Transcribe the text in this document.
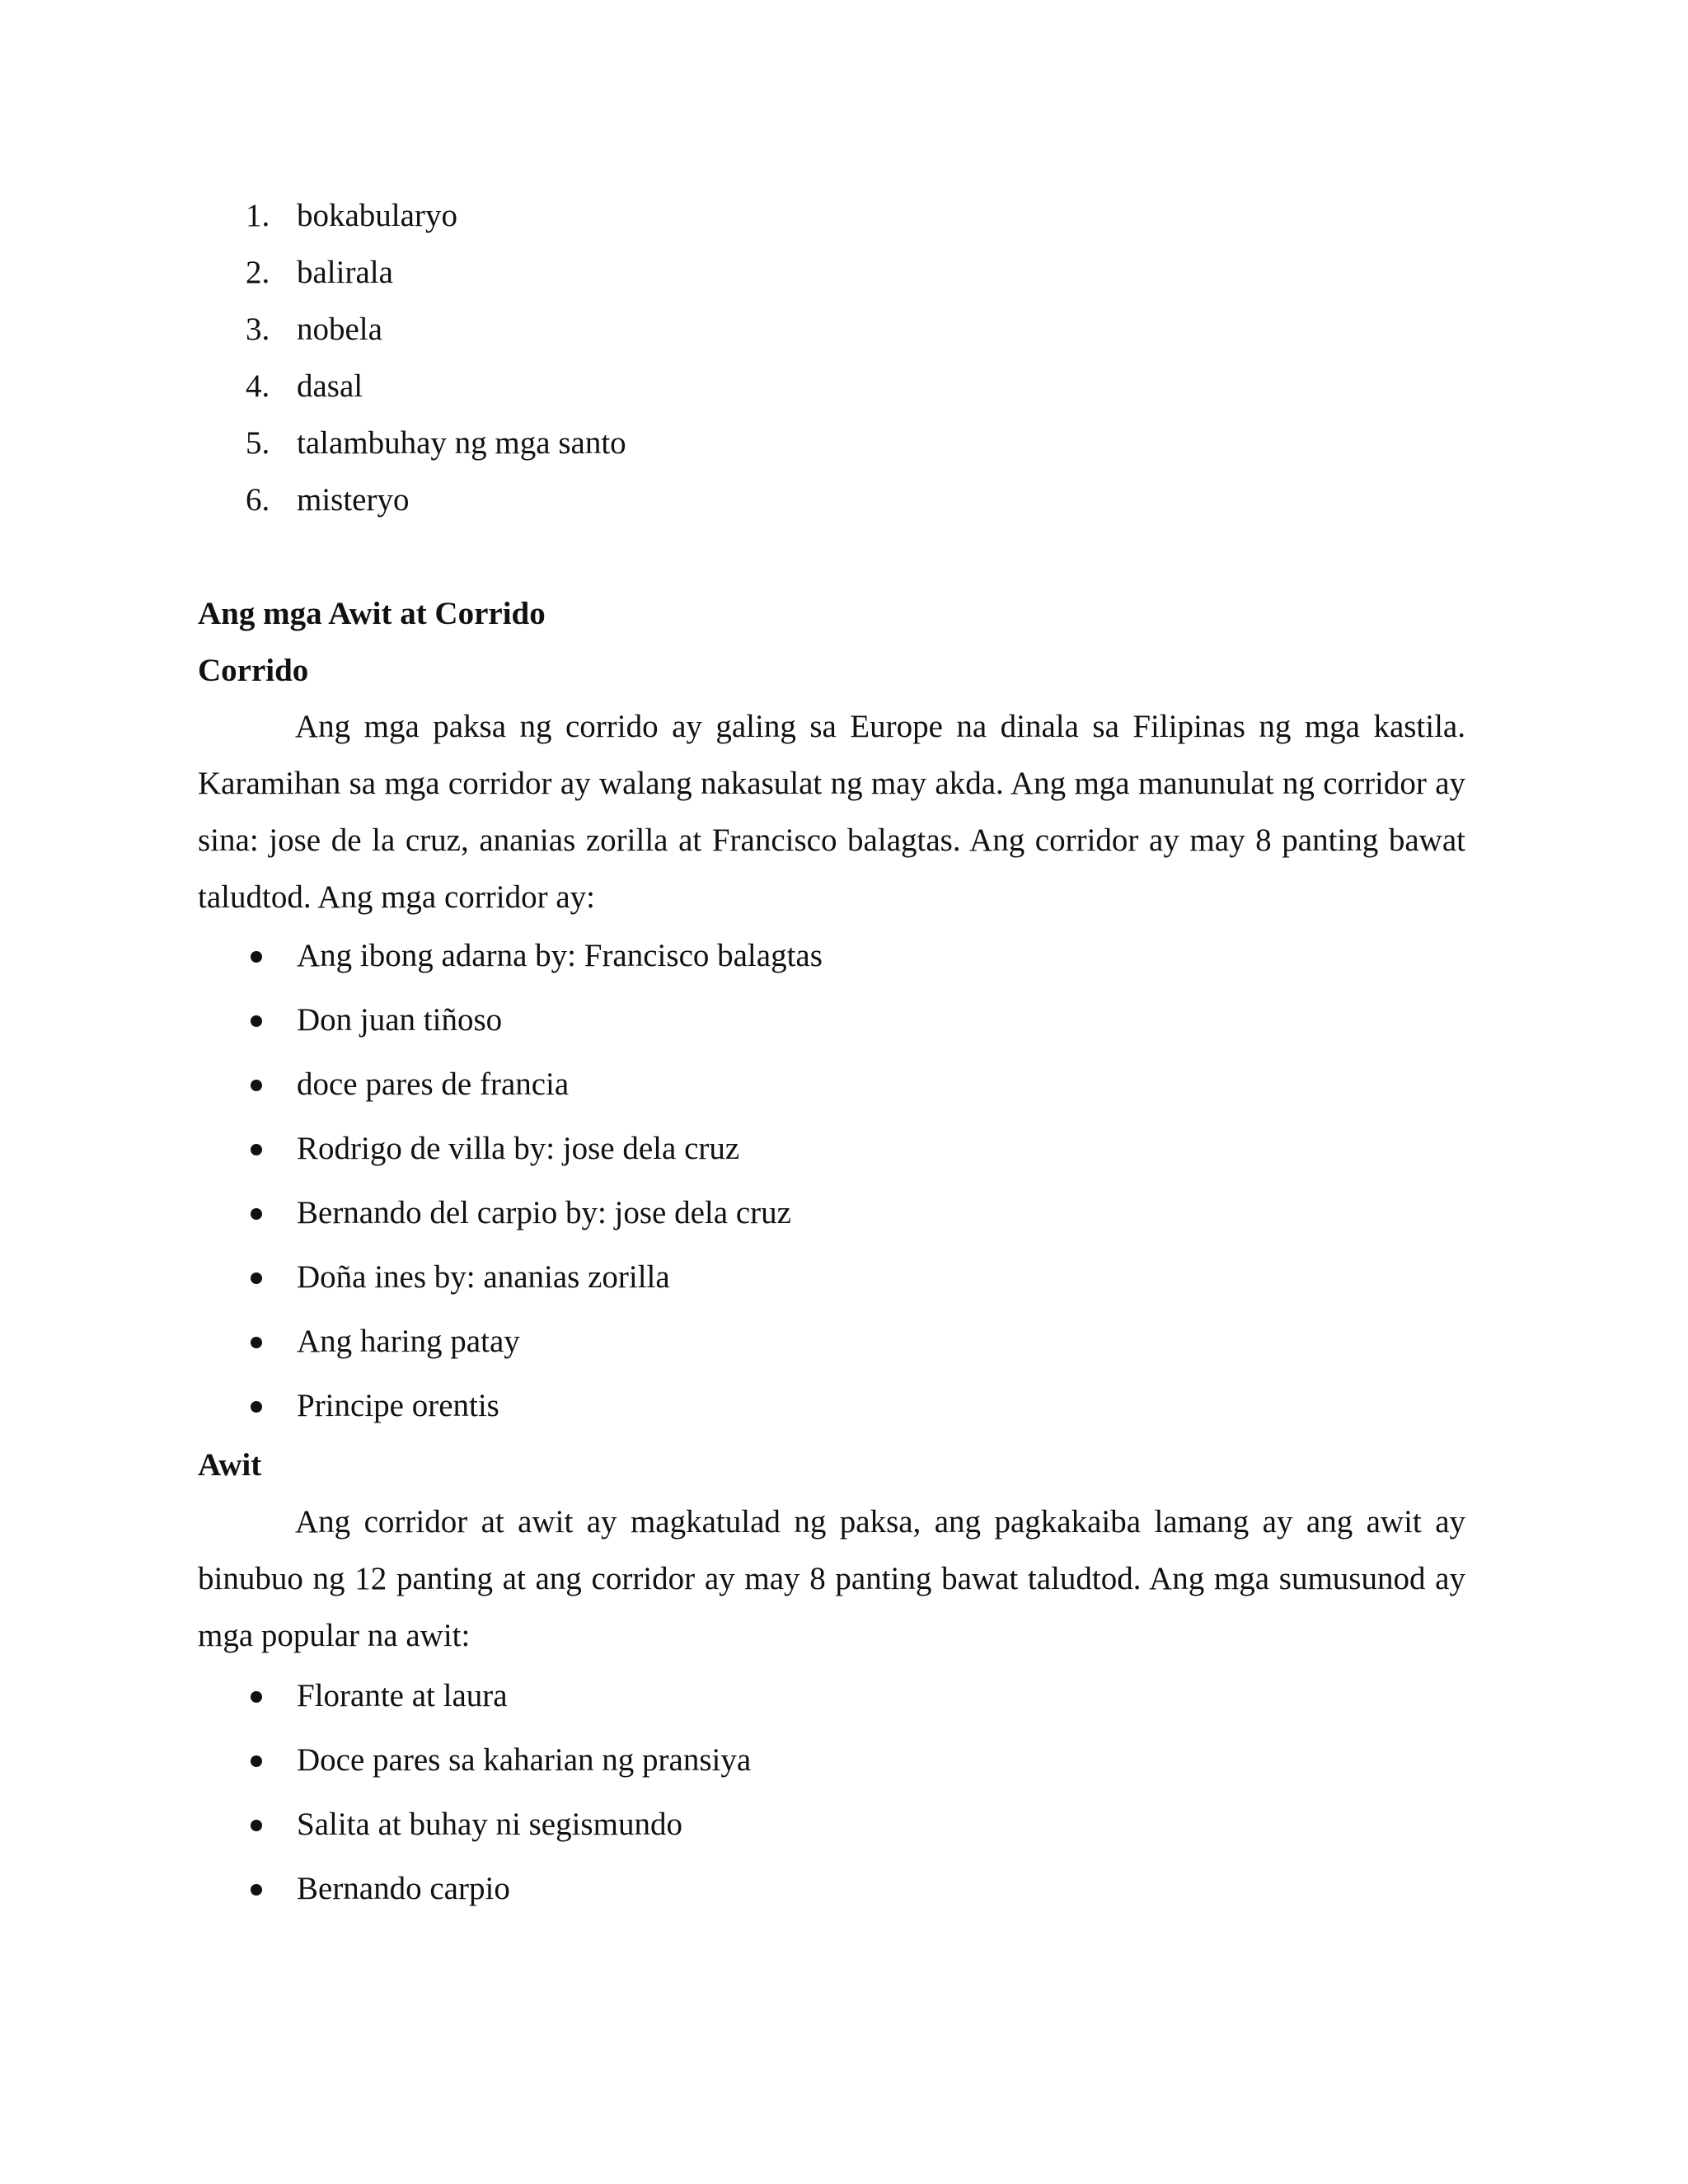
1. bokabularyo
2. balirala
3. nobela
4. dasal
5. talambuhay ng mga santo
6. misteryo
Ang mga Awit at Corrido
Corrido

Ang mga paksa ng corrido ay galing sa Europe na dinala sa Filipinas ng mga kastila. Karamihan sa mga corridor ay walang nakasulat ng may akda. Ang mga manunulat ng corridor ay sina: jose de la cruz, ananias zorilla at Francisco balagtas. Ang corridor ay may 8 panting bawat taludtod. Ang mga corridor ay:

Ang ibong adarna by: Francisco balagtas
Don juan tiñoso
doce pares de francia
Rodrigo de villa by: jose dela cruz
Bernando del carpio by: jose dela cruz
Doña ines by: ananias zorilla
Ang haring patay
Principe orentis
Awit

Ang corridor at awit ay magkatulad ng paksa, ang pagkakaiba lamang ay ang awit ay binubuo ng 12 panting at ang corridor ay may 8 panting bawat taludtod. Ang mga sumusunod ay mga popular na awit:

Florante at laura
Doce pares sa kaharian ng pransiya
Salita at buhay ni segismundo
Bernando carpio
